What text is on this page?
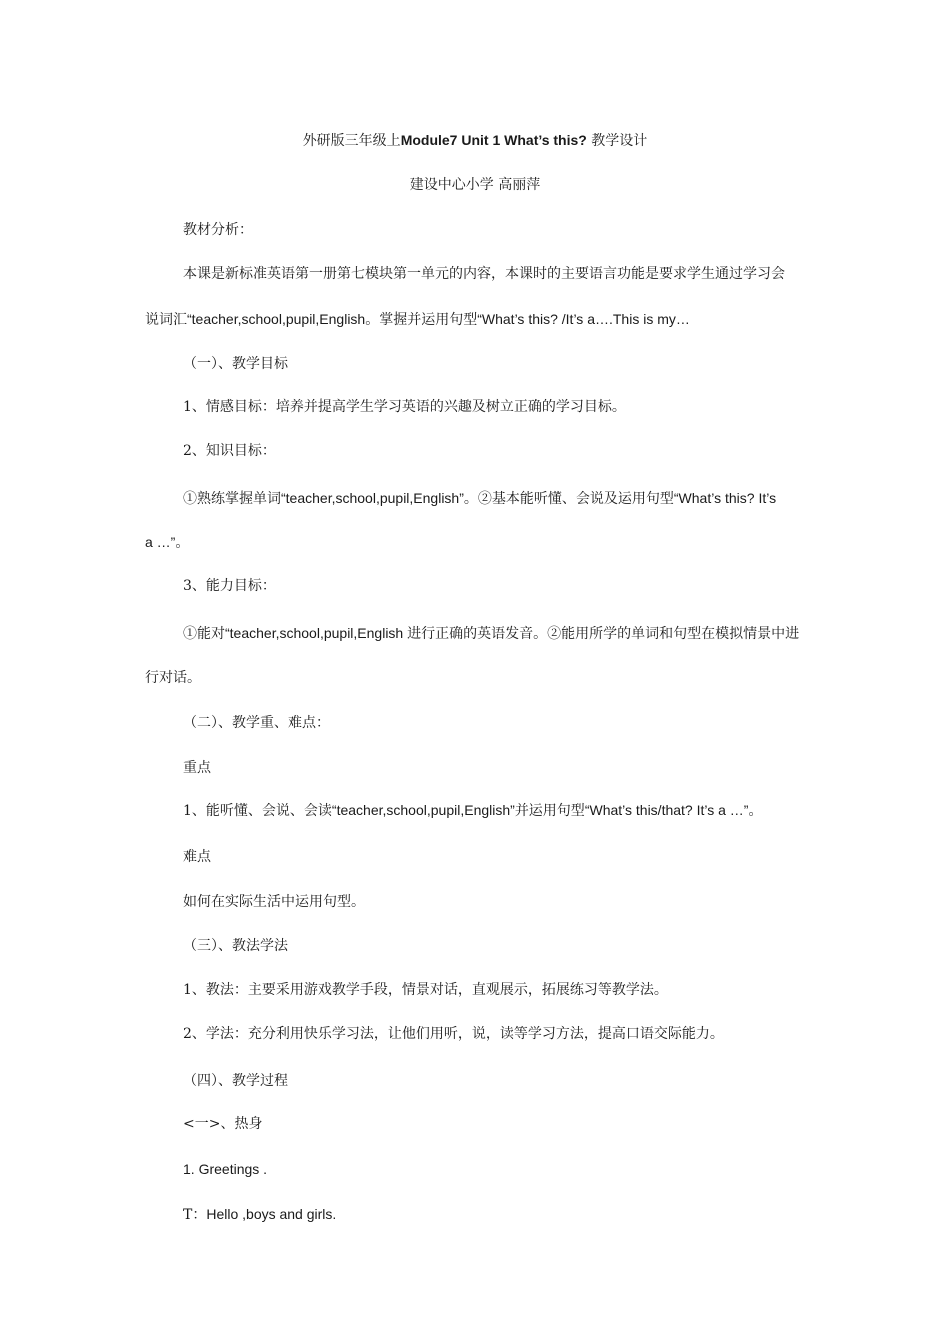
外研版三年级上Module7 Unit 1 What’s this? 教学设计
建设中心小学 高丽萍
教材分析：
本课是新标准英语第一册第七模块第一单元的内容，本课时的主要语言功能是要求学生通过学习会
说词汇“teacher,school,pupil,English。掌握并运用句型“What’s this? /It’s a….This is my…
（一）、教学目标
1、情感目标：培养并提高学生学习英语的兴趣及树立正确的学习目标。
2、知识目标：
①熟练掌握单词“teacher,school,pupil,English”。②基本能听懂、会说及运用句型“What’s this? It’s
a …”。
3、能力目标：
①能对“teacher,school,pupil,English 进行正确的英语发音。②能用所学的单词和句型在模拟情景中进
行对话。
（二）、教学重、难点：
重点
1、能听懂、会说、会读“teacher,school,pupil,English”并运用句型“What’s this/that? It’s a …”。
难点
如何在实际生活中运用句型。
（三）、教法学法
1、教法：主要采用游戏教学手段，情景对话，直观展示，拓展练习等教学法。
2、学法：充分利用快乐学习法，让他们用听，说，读等学习方法，提高口语交际能力。
（四）、教学过程
<一>、热身
1. Greetings .
T：Hello ,boys and girls.
